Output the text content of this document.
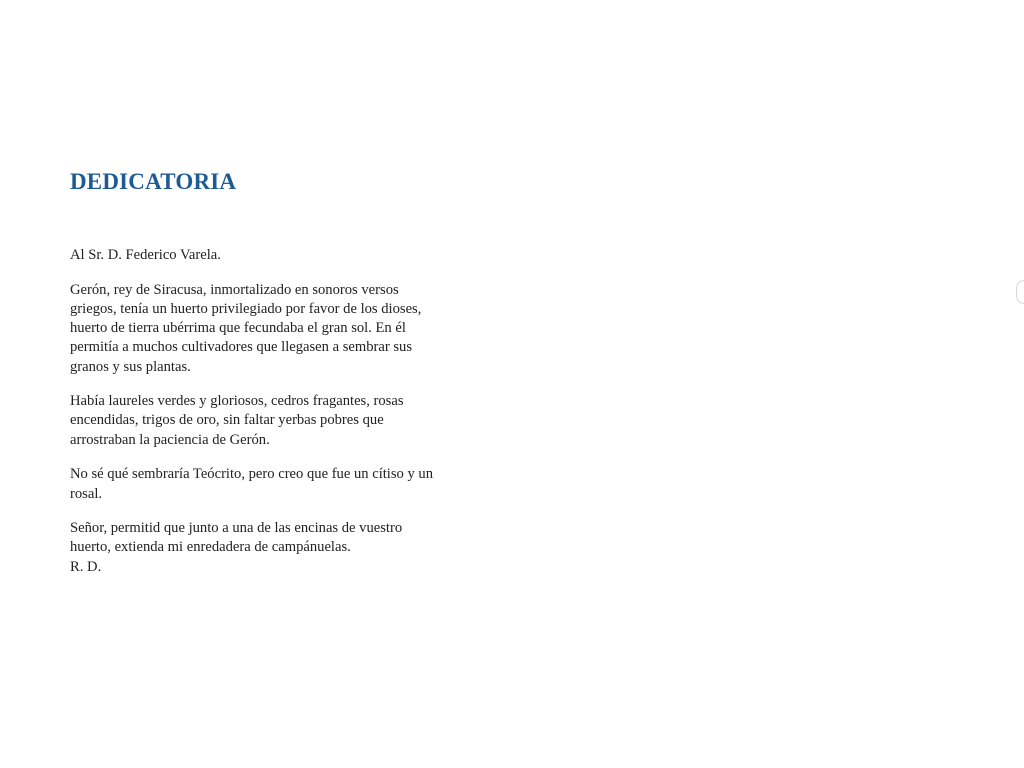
DEDICATORIA

Al Sr. D. Federico Varela.

Gerón, rey de Siracusa, inmortalizado en sonoros versos griegos, tenía un huerto privilegiado por favor de los dioses, huerto de tierra ubérrima que fecundaba el gran sol. En él permitía a muchos cultivadores que llegasen a sembrar sus granos y sus plantas.

Había laureles verdes y gloriosos, cedros fragantes, rosas encendidas, trigos de oro, sin faltar yerbas pobres que arrostraban la paciencia de Gerón.

No sé qué sembraría Teócrito, pero creo que fue un cítiso y un rosal.

Señor, permitid que junto a una de las encinas de vuestro huerto, extienda mi enredadera de campánuelas.
R. D.
